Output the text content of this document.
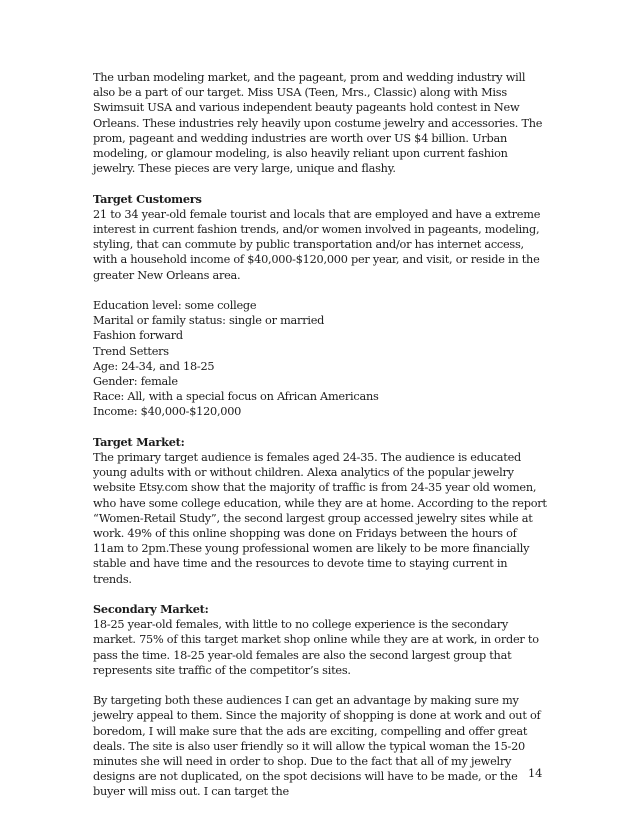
The urban modeling market, and the pageant, prom and wedding industry will also be a part of our target. Miss USA (Teen, Mrs., Classic) along with Miss Swimsuit USA and various independent beauty pageants hold contest in New Orleans. These industries rely heavily upon costume jewelry and accessories. The prom, pageant and wedding industries are worth over US $4 billion. Urban modeling, or glamour modeling, is also heavily reliant upon current fashion jewelry. These pieces are very large, unique and flashy.

Target Customers
21 to 34 year-old female tourist and locals that are employed and have a extreme interest in current fashion trends, and/or women involved in pageants, modeling, styling, that can commute by public transportation and/or has internet access, with a household income of $40,000-$120,000 per year, and visit, or reside in the greater New Orleans area.

Education level: some college
Marital or family status: single or married
Fashion forward
Trend Setters
Age: 24-34, and 18-25
Gender: female
Race: All, with a special focus on African Americans
Income: $40,000-$120,000

Target Market:
The primary target audience is females aged 24-35. The audience is educated young adults with or without children. Alexa analytics of the popular jewelry website Etsy.com show that the majority of traffic is from 24-35 year old women, who have some college education, while they are at home. According to the report “Women-Retail Study”, the second largest group accessed jewelry sites while at work. 49% of this online shopping was done on Fridays between the hours of 11am to 2pm.These young professional women are likely to be more financially stable and have time and the resources to devote time to staying current in trends.

Secondary Market:
18-25 year-old females, with little to no college experience is the secondary market. 75% of this target market shop online while they are at work, in order to pass the time. 18-25 year-old females are also the second largest group that represents site traffic of the competitor’s sites.

By targeting both these audiences I can get an advantage by making sure my jewelry appeal to them. Since the majority of shopping is done at work and out of boredom, I will make sure that the ads are exciting, compelling and offer great deals. The site is also user friendly so it will allow the typical woman the 15-20 minutes she will need in order to shop. Due to the fact that all of my jewelry designs are not duplicated, on the spot decisions will have to be made, or the buyer will miss out. I can target the

14
